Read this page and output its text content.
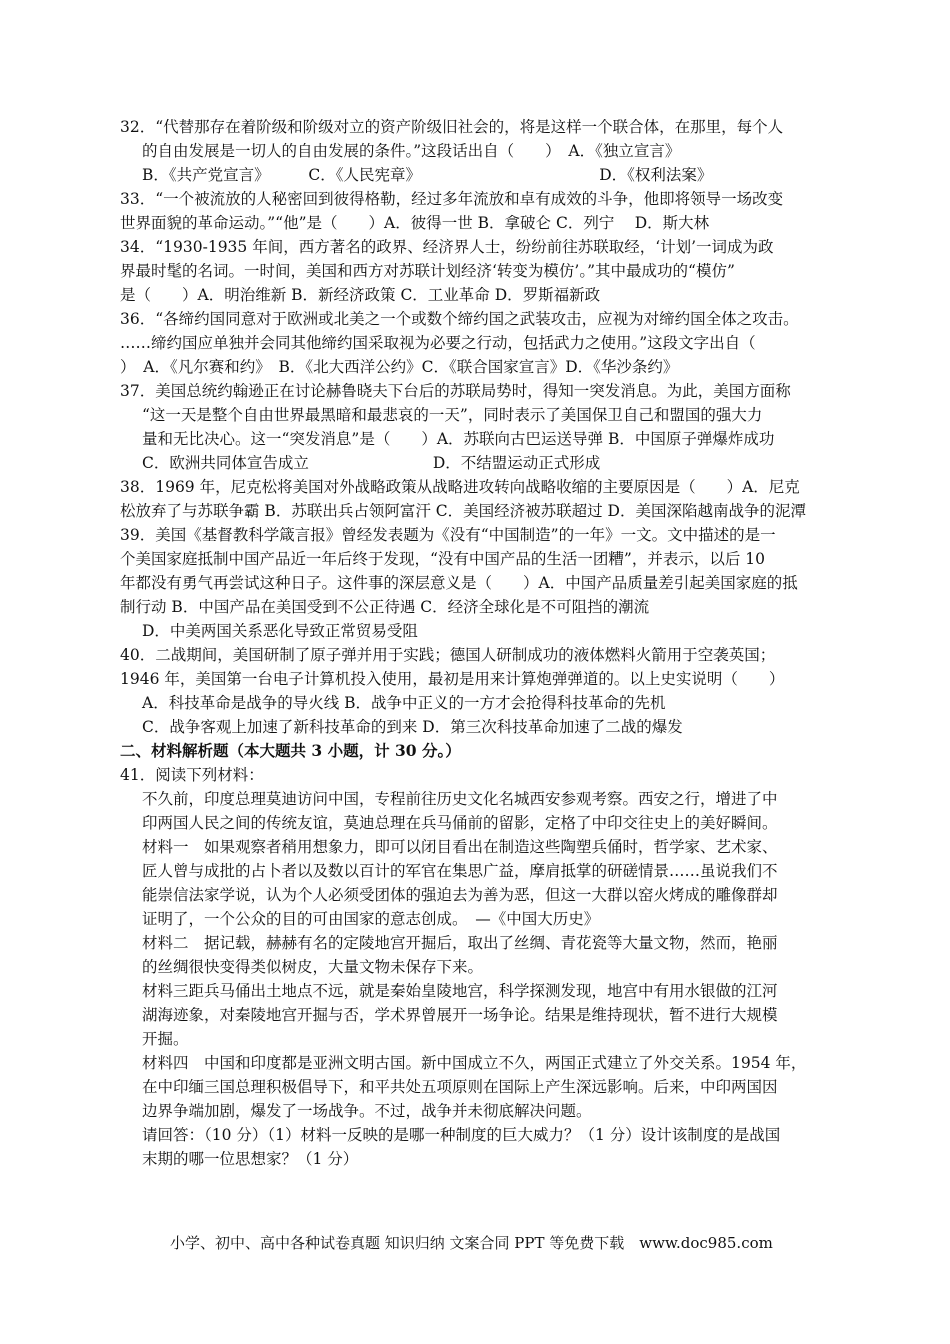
32．“代替那存在着阶级和阶级对立的资产阶级旧社会的，将是这样一个联合体，在那里，每个人
的自由发展是一切人的自由发展的条件。”这段话出自（　　）　A．《独立宣言》
B．《共产党宣言》　　　C．《人民宪章》　　　　　　　　　　　　D．《权利法案》
33．“一个被流放的人秘密回到彼得格勒，经过多年流放和卓有成效的斗争，他即将领导一场改变
世界面貌的革命运动。”“他”是（　　）A．彼得一世 B．拿破仑 C．列宁　 D．斯大林
34．“1930-1935 年间，西方著名的政界、经济界人士，纷纷前往苏联取经，‘计划’一词成为政
界最时髦的名词。一时间，美国和西方对苏联计划经济‘转变为模仿’。”其中最成功的“模仿”
是（　　）A．明治维新 B．新经济政策 C．工业革命 D．罗斯福新政
36．“各缔约国同意对于欧洲或北美之一个或数个缔约国之武装攻击，应视为对缔约国全体之攻击。
……缔约国应单独并会同其他缔约国采取视为必要之行动，包括武力之使用。”这段文字出自（
）　A．《凡尔赛和约》　B．《北大西洋公约》C．《联合国家宣言》D．《华沙条约》
37．美国总统约翰逊正在讨论赫鲁晓夫下台后的苏联局势时，得知一突发消息。为此，美国方面称
“这一天是整个自由世界最黑暗和最悲哀的一天”，同时表示了美国保卫自己和盟国的强大力
量和无比决心。这一“突发消息”是（　　）A．苏联向古巴运送导弹 B．中国原子弹爆炸成功
C．欧洲共同体宣告成立　　　　　　　　D．不结盟运动正式形成
38．1969 年，尼克松将美国对外战略政策从战略进攻转向战略收缩的主要原因是（　　）A．尼克
松放弃了与苏联争霸 B．苏联出兵占领阿富汗 C．美国经济被苏联超过 D．美国深陷越南战争的泥潭
39．美国《基督教科学箴言报》曾经发表题为《没有“中国制造”的一年》一文。文中描述的是一
个美国家庭抵制中国产品近一年后终于发现，“没有中国产品的生活一团糟”，并表示，以后 10
年都没有勇气再尝试这种日子。这件事的深层意义是（　　）A．中国产品质量差引起美国家庭的抵
制行动 B．中国产品在美国受到不公正待遇 C．经济全球化是不可阻挡的潮流
D．中美两国关系恶化导致正常贸易受阻
40．二战期间，美国研制了原子弹并用于实践；德国人研制成功的液体燃料火箭用于空袭英国；
1946 年，美国第一台电子计算机投入使用，最初是用来计算炮弹弹道的。以上史实说明（　　）
A．科技革命是战争的导火线 B．战争中正义的一方才会抢得科技革命的先机
C．战争客观上加速了新科技革命的到来 D．第三次科技革命加速了二战的爆发
二、材料解析题（本大题共 3 小题，计 30 分。）
41．阅读下列材料：
不久前，印度总理莫迪访问中国，专程前往历史文化名城西安参观考察。西安之行，增进了中
印两国人民之间的传统友谊，莫迪总理在兵马俑前的留影，定格了中印交往史上的美好瞬间。
材料一　如果观察者稍用想象力，即可以闭目看出在制造这些陶塑兵俑时，哲学家、艺术家、
匠人曾与成批的占卜者以及数以百计的军官在集思广益，摩肩抵掌的研磋情景……虽说我们不
能崇信法家学说，认为个人必须受团体的强迫去为善为恶，但这一大群以窑火烤成的雕像群却
证明了，一个公众的目的可由国家的意志创成。　—《中国大历史》
材料二　据记载，赫赫有名的定陵地宫开掘后，取出了丝绸、青花瓷等大量文物，然而，艳丽
的丝绸很快变得类似树皮，大量文物未保存下来。
材料三距兵马俑出土地点不远，就是秦始皇陵地宫，科学探测发现，地宫中有用水银做的江河
湖海迹象，对秦陵地宫开掘与否，学术界曾展开一场争论。结果是维持现状，暂不进行大规模
开掘。
材料四　中国和印度都是亚洲文明古国。新中国成立不久，两国正式建立了外交关系。1954 年，
在中印缅三国总理积极倡导下，和平共处五项原则在国际上产生深远影响。后来，中印两国因
边界争端加剧，爆发了一场战争。不过，战争并未彻底解决问题。
请回答：（10 分）（1）材料一反映的是哪一种制度的巨大威力？（1 分）设计该制度的是战国
末期的哪一位思想家？（1 分）
小学、初中、高中各种试卷真题 知识归纳 文案合同 PPT 等免费下载　www.doc985.com
